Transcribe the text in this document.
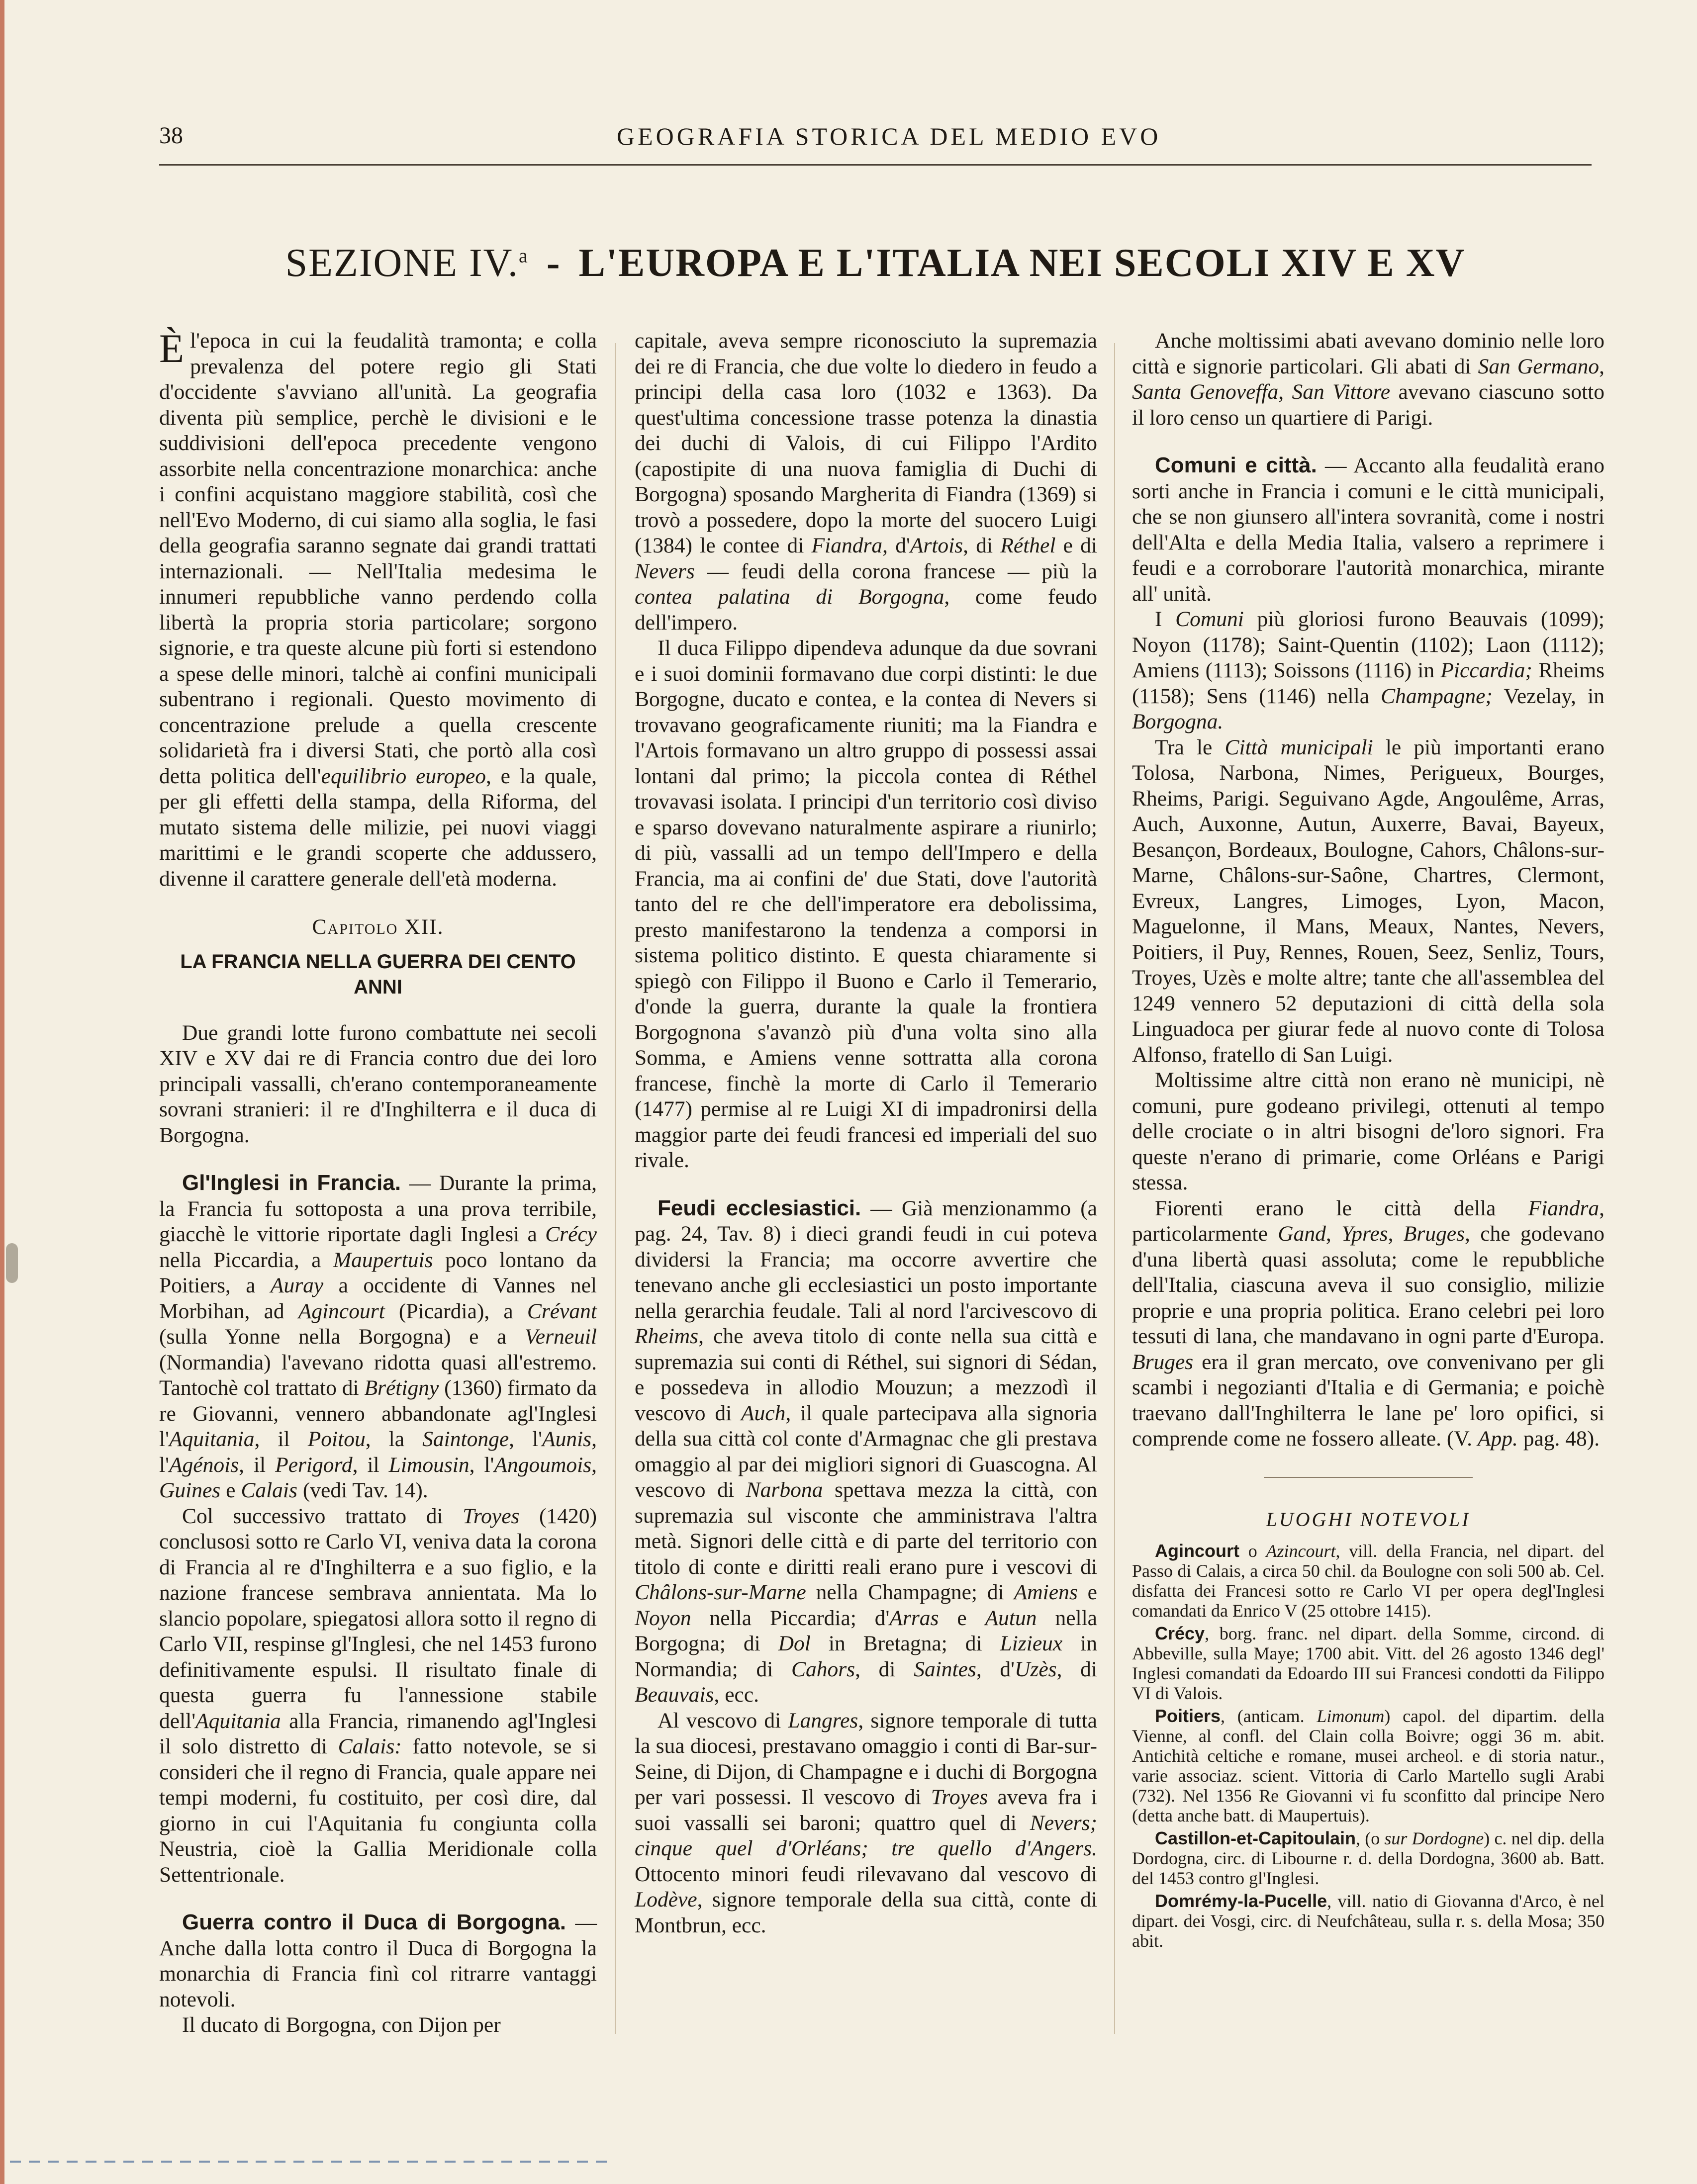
38	GEOGRAFIA STORICA DEL MEDIO EVO
SEZIONE IV.$^a$ - L'EUROPA E L'ITALIA NEI SECOLI XIV E XV

Èl'epoca in cui la feudalità tramonta; e colla prevalenza del potere regio gli Stati d'occidente s'avviano all'unità. La geografia diventa più semplice, perchè le divisioni e le suddivisioni dell'epoca precedente vengono assorbite nella concentrazione monarchica: anche i confini acquistano maggiore stabilità, così che nell'Evo Moderno, di cui siamo alla soglia, le fasi della geografia saranno segnate dai grandi trattati internazionali. — Nell'Italia medesima le innumeri repubbliche vanno perdendo colla libertà la propria storia particolare; sorgono signorie, e tra queste alcune più forti si estendono a spese delle minori, talchè ai confini municipali subentrano i regionali. Questo movimento di concentrazione prelude a quella crescente solidarietà fra i diversi Stati, che portò alla così detta politica dell'equilibrio europeo, e la quale, per gli effetti della stampa, della Riforma, del mutato sistema delle milizie, pei nuovi viaggi marittimi e le grandi scoperte che addussero, divenne il carattere generale dell'età moderna.

Capitolo XII.

LA FRANCIA NELLA GUERRA DEI CENTO ANNI

Due grandi lotte furono combattute nei secoli XIV e XV dai re di Francia contro due dei loro principali vassalli, ch'erano contemporaneamente sovrani stranieri: il re d'Inghilterra e il duca di Borgogna.

Gl'Inglesi in Francia. — Durante la prima, la Francia fu sottoposta a una prova terribile, giacchè le vittorie riportate dagli Inglesi a Crécy nella Piccardia, a Maupertuis poco lontano da Poitiers, a Auray a occidente di Vannes nel Morbihan, ad Agincourt (Picardia), a Crévant (sulla Yonne nella Borgogna) e a Verneuil (Normandia) l'avevano ridotta quasi all'estremo. Tantochè col trattato di Brétigny (1360) firmato da re Giovanni, vennero abbandonate agl'Inglesi l'Aquitania, il Poitou, la Saintonge, l'Aunis, l'Agénois, il Perigord, il Limousin, l'Angoumois, Guines e Calais (vedi Tav. 14).

Col successivo trattato di Troyes (1420) conclusosi sotto re Carlo VI, veniva data la corona di Francia al re d'Inghilterra e a suo figlio, e la nazione francese sembrava annientata. Ma lo slancio popolare, spiegatosi allora sotto il regno di Carlo VII, respinse gl'Inglesi, che nel 1453 furono definitivamente espulsi. Il risultato finale di questa guerra fu l'annessione stabile dell'Aquitania alla Francia, rimanendo agl'Inglesi il solo distretto di Calais: fatto notevole, se si consideri che il regno di Francia, quale appare nei tempi moderni, fu costituito, per così dire, dal giorno in cui l'Aquitania fu congiunta colla Neustria, cioè la Gallia Meridionale colla Settentrionale.

Guerra contro il Duca di Borgogna. — Anche dalla lotta contro il Duca di Borgogna la monarchia di Francia finì col ritrarre vantaggi notevoli.

Il ducato di Borgogna, con Dijon per

capitale, aveva sempre riconosciuto la supremazia dei re di Francia, che due volte lo diedero in feudo a principi della casa loro (1032 e 1363). Da quest'ultima concessione trasse potenza la dinastia dei duchi di Valois, di cui Filippo l'Ardito (capostipite di una nuova famiglia di Duchi di Borgogna) sposando Margherita di Fiandra (1369) si trovò a possedere, dopo la morte del suocero Luigi (1384) le contee di Fiandra, d'Artois, di Réthel e di Nevers — feudi della corona francese — più la contea palatina di Borgogna, come feudo dell'impero.

Il duca Filippo dipendeva adunque da due sovrani e i suoi dominii formavano due corpi distinti: le due Borgogne, ducato e contea, e la contea di Nevers si trovavano geograficamente riuniti; ma la Fiandra e l'Artois formavano un altro gruppo di possessi assai lontani dal primo; la piccola contea di Réthel trovavasi isolata. I principi d'un territorio così diviso e sparso dovevano naturalmente aspirare a riunirlo; di più, vassalli ad un tempo dell'Impero e della Francia, ma ai confini de' due Stati, dove l'autorità tanto del re che dell'imperatore era debolissima, presto manifestarono la tendenza a comporsi in sistema politico distinto. E questa chiaramente si spiegò con Filippo il Buono e Carlo il Temerario, d'onde la guerra, durante la quale la frontiera Borgognona s'avanzò più d'una volta sino alla Somma, e Amiens venne sottratta alla corona francese, finchè la morte di Carlo il Temerario (1477) permise al re Luigi XI di impadronirsi della maggior parte dei feudi francesi ed imperiali del suo rivale.

Feudi ecclesiastici. — Già menzionammo (a pag. 24, Tav. 8) i dieci grandi feudi in cui poteva dividersi la Francia; ma occorre avvertire che tenevano anche gli ecclesiastici un posto importante nella gerarchia feudale. Tali al nord l'arcivescovo di Rheims, che aveva titolo di conte nella sua città e supremazia sui conti di Réthel, sui signori di Sédan, e possedeva in allodio Mouzun; a mezzodì il vescovo di Auch, il quale partecipava alla signoria della sua città col conte d'Armagnac che gli prestava omaggio al par dei migliori signori di Guascogna. Al vescovo di Narbona spettava mezza la città, con supremazia sul visconte che amministrava l'altra metà. Signori delle città e di parte del territorio con titolo di conte e diritti reali erano pure i vescovi di Châlons-sur-Marne nella Champagne; di Amiens e Noyon nella Piccardia; d'Arras e Autun nella Borgogna; di Dol in Bretagna; di Lizieux in Normandia; di Cahors, di Saintes, d'Uzès, di Beauvais, ecc.

Al vescovo di Langres, signore temporale di tutta la sua diocesi, prestavano omaggio i conti di Bar-sur-Seine, di Dijon, di Champagne e i duchi di Borgogna per vari possessi. Il vescovo di Troyes aveva fra i suoi vassalli sei baroni; quattro quel di Nevers; cinque quel d'Orléans; tre quello d'Angers. Ottocento minori feudi rilevavano dal vescovo di Lodève, signore temporale della sua città, conte di Montbrun, ecc.

Anche moltissimi abati avevano dominio nelle loro città e signorie particolari. Gli abati di San Germano, Santa Genoveffa, San Vittore avevano ciascuno sotto il loro censo un quartiere di Parigi.

Comuni e città. — Accanto alla feudalità erano sorti anche in Francia i comuni e le città municipali, che se non giunsero all'intera sovranità, come i nostri dell'Alta e della Media Italia, valsero a reprimere i feudi e a corroborare l'autorità monarchica, mirante all' unità.

I Comuni più gloriosi furono Beauvais (1099); Noyon (1178); Saint-Quentin (1102); Laon (1112); Amiens (1113); Soissons (1116) in Piccardia; Rheims (1158); Sens (1146) nella Champagne; Vezelay, in Borgogna.

Tra le Città municipali le più importanti erano Tolosa, Narbona, Nimes, Perigueux, Bourges, Rheims, Parigi. Seguivano Agde, Angoulême, Arras, Auch, Auxonne, Autun, Auxerre, Bavai, Bayeux, Besançon, Bordeaux, Boulogne, Cahors, Châlons-sur-Marne, Châlons-sur-Saône, Chartres, Clermont, Evreux, Langres, Limoges, Lyon, Macon, Maguelonne, il Mans, Meaux, Nantes, Nevers, Poitiers, il Puy, Rennes, Rouen, Seez, Senliz, Tours, Troyes, Uzès e molte altre; tante che all'assemblea del 1249 vennero 52 deputazioni di città della sola Linguadoca per giurar fede al nuovo conte di Tolosa Alfonso, fratello di San Luigi.

Moltissime altre città non erano nè municipi, nè comuni, pure godeano privilegi, ottenuti al tempo delle crociate o in altri bisogni de'loro signori. Fra queste n'erano di primarie, come Orléans e Parigi stessa.

Fiorenti erano le città della Fiandra, particolarmente Gand, Ypres, Bruges, che godevano d'una libertà quasi assoluta; come le repubbliche dell'Italia, ciascuna aveva il suo consiglio, milizie proprie e una propria politica. Erano celebri pei loro tessuti di lana, che mandavano in ogni parte d'Europa. Bruges era il gran mercato, ove convenivano per gli scambi i negozianti d'Italia e di Germania; e poichè traevano dall'Inghilterra le lane pe' loro opifici, si comprende come ne fossero alleate. (V. App. pag. 48).

LUOGHI NOTEVOLI

Agincourt o Azincourt, vill. della Francia, nel dipart. del Passo di Calais, a circa 50 chil. da Boulogne con soli 500 ab. Cel. disfatta dei Francesi sotto re Carlo VI per opera degl'Inglesi comandati da Enrico V (25 ottobre 1415).

Crécy, borg. franc. nel dipart. della Somme, circond. di Abbeville, sulla Maye; 1700 abit. Vitt. del 26 agosto 1346 degl' Inglesi comandati da Edoardo III sui Francesi condotti da Filippo VI di Valois.

Poitiers, (anticam. Limonum) capol. del dipartim. della Vienne, al confl. del Clain colla Boivre; oggi 36 m. abit. Antichità celtiche e romane, musei archeol. e di storia natur., varie associaz. scient. Vittoria di Carlo Martello sugli Arabi (732). Nel 1356 Re Giovanni vi fu sconfitto dal principe Nero (detta anche batt. di Maupertuis).

Castillon-et-Capitoulain, (o sur Dordogne) c. nel dip. della Dordogna, circ. di Libourne r. d. della Dordogna, 3600 ab. Batt. del 1453 contro gl'Inglesi.

Domrémy-la-Pucelle, vill. natio di Giovanna d'Arco, è nel dipart. dei Vosgi, circ. di Neufchâteau, sulla r. s. della Mosa; 350 abit.
